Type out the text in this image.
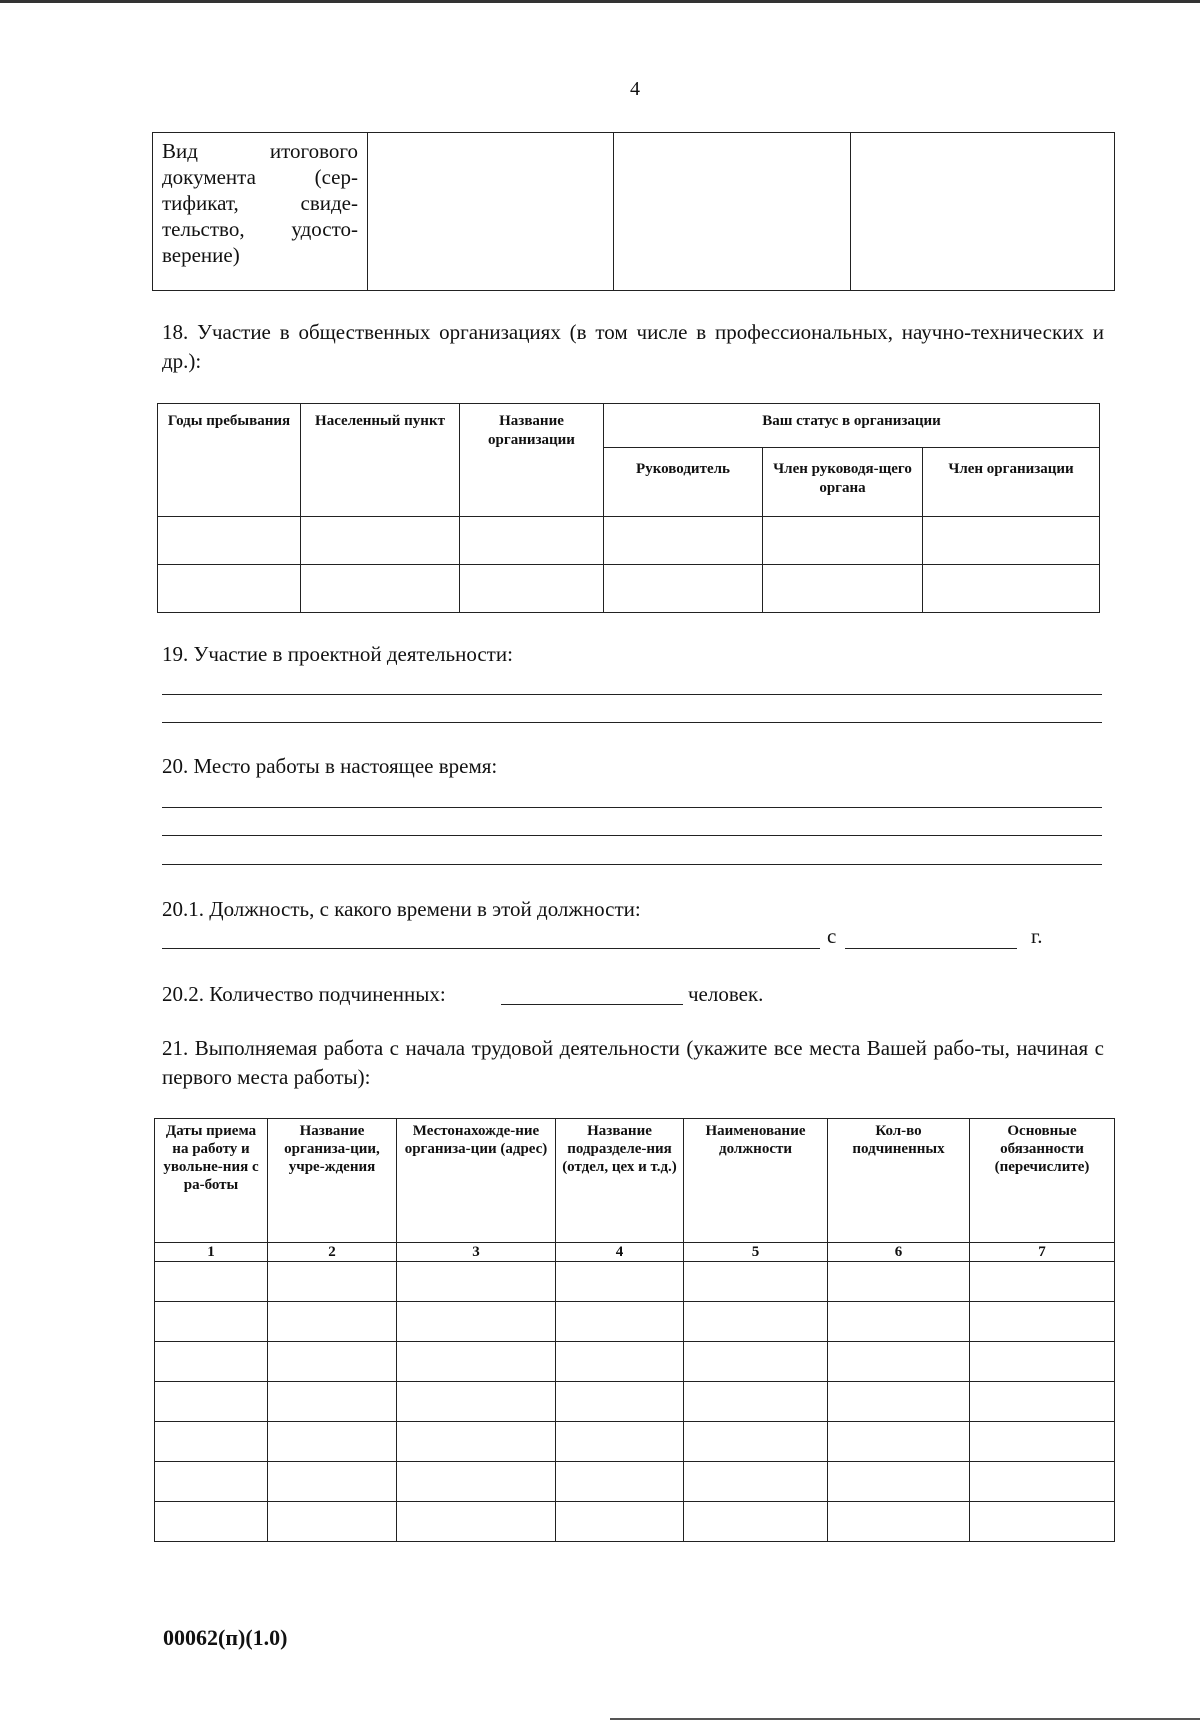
4
Вид итогового документа (сертификат, свидетельство, удостоверение)			
18. Участие в общественных организациях (в том числе в профессиональных, научно-технических и др.):
Годы пребывания	Населенный пункт	Название организации	Ваш статус в организации		
			Руководитель	Член руководя-щего органа	Член организации

19. Участие в проектной деятельности:
20. Место работы в настоящее время:
20.1. Должность, с какого времени в этой должности:
с	г.
20.2. Количество подчиненных:	человек.
21. Выполняемая работа с начала трудовой деятельности (укажите все места Вашей рабо-ты, начиная с первого места работы):
Даты приема на работу и увольне-ния с ра-боты	Название организа-ции, учре-ждения	Местонахожде-ние организа-ции (адрес)	Название подразделе-ния (отдел, цех и т.д.)	Наименование должности	Кол-во подчиненных	Основные обязанности (перечислите)
1	2	3	4	5	6	7

00062(п)(1.0)
